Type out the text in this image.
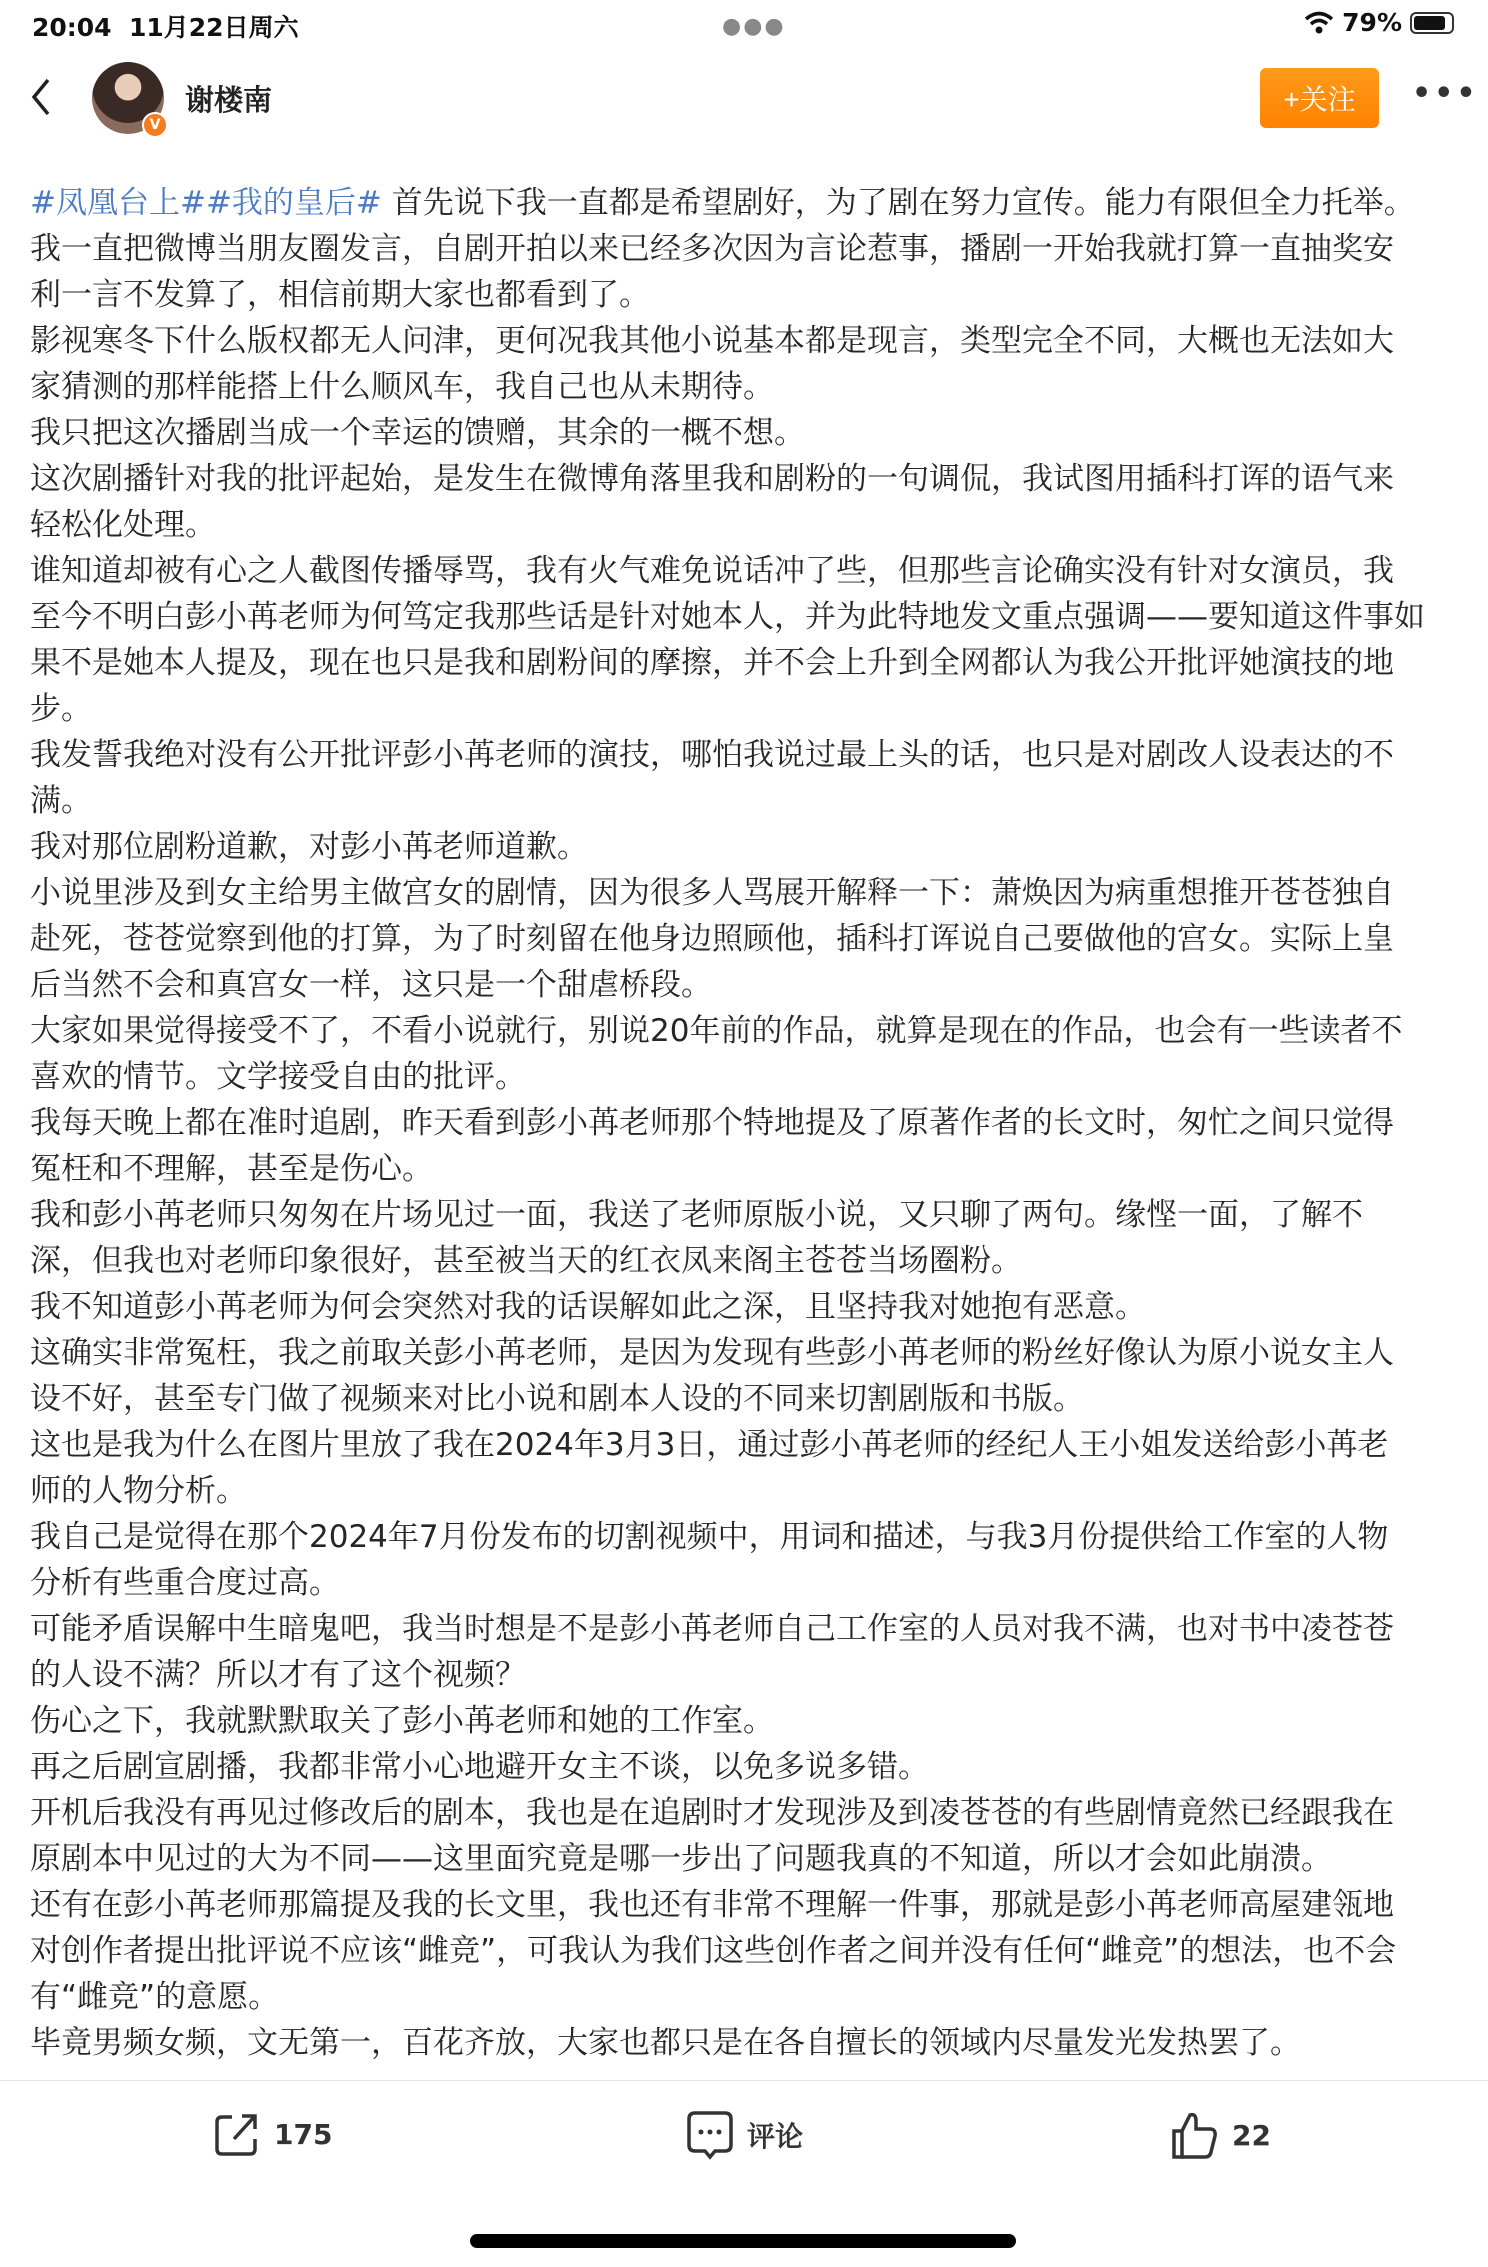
20:04 11月22日周六	●●●	79%
V
谢楼南	+关注	•••
#凤凰台上##我的皇后# 首先说下我一直都是希望剧好，为了剧在努力宣传。能力有限但全力托举。
我一直把微博当朋友圈发言，自剧开拍以来已经多次因为言论惹事，播剧一开始我就打算一直抽奖安
利一言不发算了，相信前期大家也都看到了。
影视寒冬下什么版权都无人问津，更何况我其他小说基本都是现言，类型完全不同，大概也无法如大
家猜测的那样能搭上什么顺风车，我自己也从未期待。
我只把这次播剧当成一个幸运的馈赠，其余的一概不想。
这次剧播针对我的批评起始，是发生在微博角落里我和剧粉的一句调侃，我试图用插科打诨的语气来
轻松化处理。
谁知道却被有心之人截图传播辱骂，我有火气难免说话冲了些，但那些言论确实没有针对女演员，我
至今不明白彭小苒老师为何笃定我那些话是针对她本人，并为此特地发文重点强调——要知道这件事如
果不是她本人提及，现在也只是我和剧粉间的摩擦，并不会上升到全网都认为我公开批评她演技的地
步。
我发誓我绝对没有公开批评彭小苒老师的演技，哪怕我说过最上头的话，也只是对剧改人设表达的不
满。
我对那位剧粉道歉，对彭小苒老师道歉。
小说里涉及到女主给男主做宫女的剧情，因为很多人骂展开解释一下：萧焕因为病重想推开苍苍独自
赴死，苍苍觉察到他的打算，为了时刻留在他身边照顾他，插科打诨说自己要做他的宫女。实际上皇
后当然不会和真宫女一样，这只是一个甜虐桥段。
大家如果觉得接受不了，不看小说就行，别说20年前的作品，就算是现在的作品，也会有一些读者不
喜欢的情节。文学接受自由的批评。
我每天晚上都在准时追剧，昨天看到彭小苒老师那个特地提及了原著作者的长文时，匆忙之间只觉得
冤枉和不理解，甚至是伤心。
我和彭小苒老师只匆匆在片场见过一面，我送了老师原版小说，又只聊了两句。缘悭一面，了解不
深，但我也对老师印象很好，甚至被当天的红衣凤来阁主苍苍当场圈粉。
我不知道彭小苒老师为何会突然对我的话误解如此之深，且坚持我对她抱有恶意。
这确实非常冤枉，我之前取关彭小苒老师，是因为发现有些彭小苒老师的粉丝好像认为原小说女主人
设不好，甚至专门做了视频来对比小说和剧本人设的不同来切割剧版和书版。
这也是我为什么在图片里放了我在2024年3月3日，通过彭小苒老师的经纪人王小姐发送给彭小苒老
师的人物分析。
我自己是觉得在那个2024年7月份发布的切割视频中，用词和描述，与我3月份提供给工作室的人物
分析有些重合度过高。
可能矛盾误解中生暗鬼吧，我当时想是不是彭小苒老师自己工作室的人员对我不满，也对书中凌苍苍
的人设不满？所以才有了这个视频？
伤心之下，我就默默取关了彭小苒老师和她的工作室。
再之后剧宣剧播，我都非常小心地避开女主不谈，以免多说多错。
开机后我没有再见过修改后的剧本，我也是在追剧时才发现涉及到凌苍苍的有些剧情竟然已经跟我在
原剧本中见过的大为不同——这里面究竟是哪一步出了问题我真的不知道，所以才会如此崩溃。
还有在彭小苒老师那篇提及我的长文里，我也还有非常不理解一件事，那就是彭小苒老师高屋建瓴地
对创作者提出批评说不应该“雌竞”，可我认为我们这些创作者之间并没有任何“雌竞”的想法，也不会
有“雌竞”的意愿。
毕竟男频女频，文无第一，百花齐放，大家也都只是在各自擅长的领域内尽量发光发热罢了。
175	评论	22
